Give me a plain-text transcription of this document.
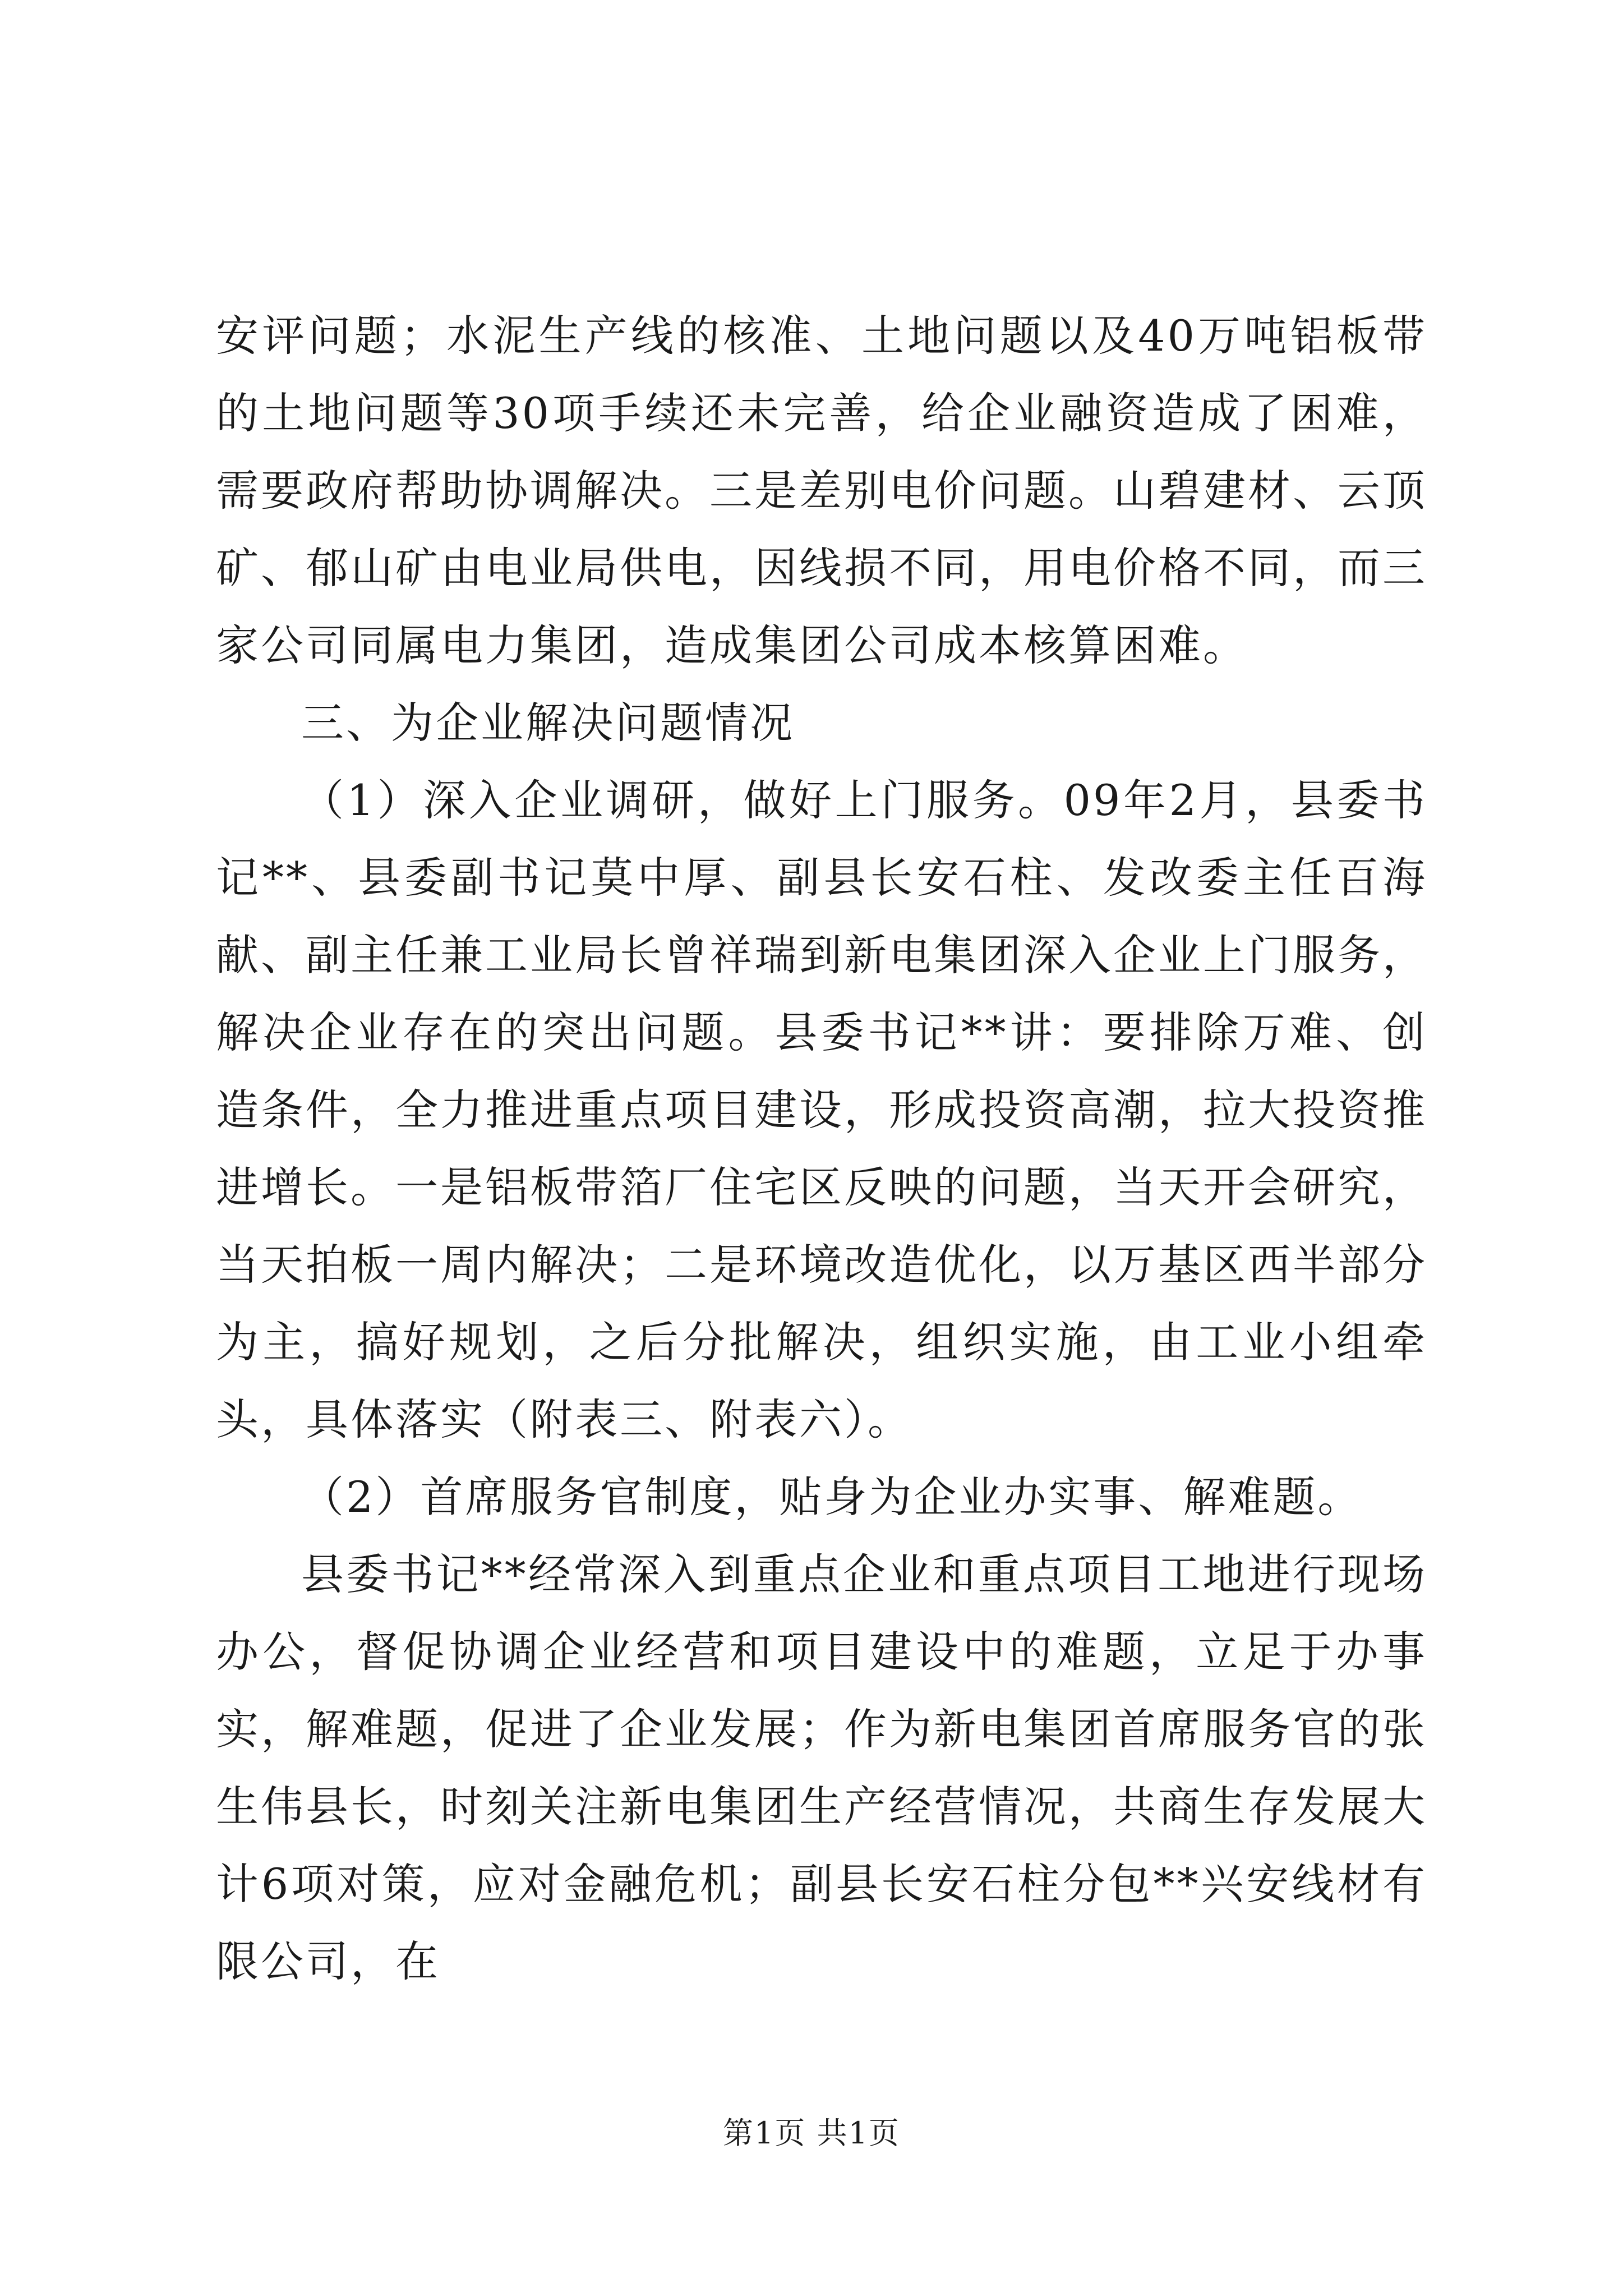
安评问题；水泥生产线的核准、土地问题以及40万吨铝板带的土地问题等30项手续还未完善，给企业融资造成了困难，需要政府帮助协调解决。三是差别电价问题。山碧建材、云顶矿、郁山矿由电业局供电，因线损不同，用电价格不同，而三家公司同属电力集团，造成集团公司成本核算困难。

三、为企业解决问题情况

（1）深入企业调研，做好上门服务。09年2月，县委书记**、县委副书记莫中厚、副县长安石柱、发改委主任百海献、副主任兼工业局长曾祥瑞到新电集团深入企业上门服务，解决企业存在的突出问题。县委书记**讲：要排除万难、创造条件，全力推进重点项目建设，形成投资高潮，拉大投资推进增长。一是铝板带箔厂住宅区反映的问题，当天开会研究，当天拍板一周内解决；二是环境改造优化，以万基区西半部分为主，搞好规划，之后分批解决，组织实施，由工业小组牵头，具体落实（附表三、附表六）。

（2）首席服务官制度，贴身为企业办实事、解难题。

县委书记**经常深入到重点企业和重点项目工地进行现场办公，督促协调企业经营和项目建设中的难题，立足于办事实，解难题，促进了企业发展；作为新电集团首席服务官的张生伟县长，时刻关注新电集团生产经营情况，共商生存发展大计6项对策，应对金融危机；副县长安石柱分包**兴安线材有限公司，在

第1页 共1页
